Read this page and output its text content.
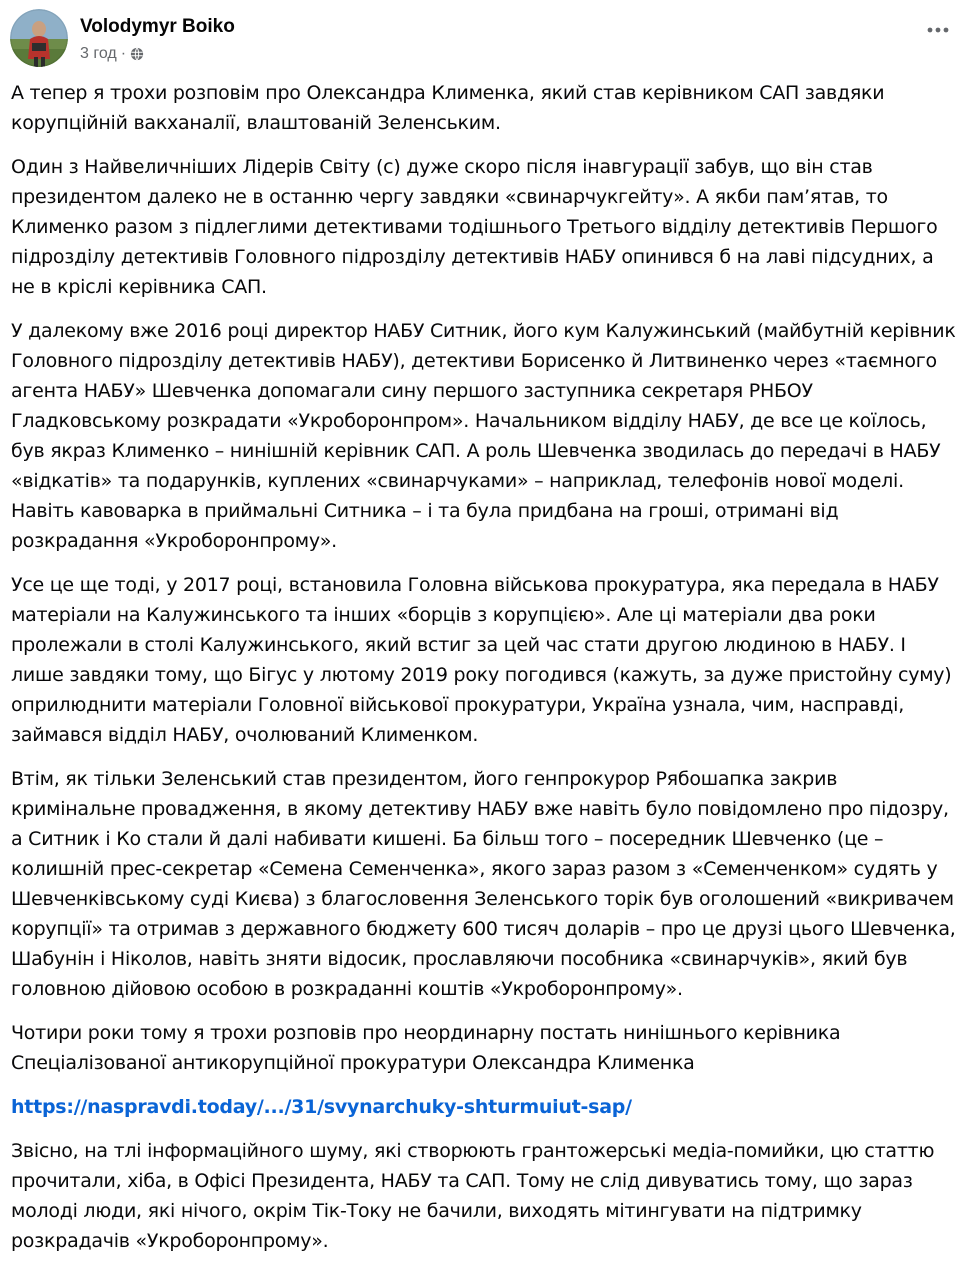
Volodymyr Boiko
3 год ·

А тепер я трохи розповім про Олександра Клименка, який став керівником САП завдяки корупційній вакханалії, влаштованій Зеленським.

Один з Найвеличніших Лідерів Світу (с) дуже скоро після інавгурації забув, що він став президентом далеко не в останню чергу завдяки «свинарчукгейту». А якби пам’ятав, то Клименко разом з підлеглими детективами тодішнього Третього відділу детективів Першого підрозділу детективів Головного підрозділу детективів НАБУ опинився б на лаві підсудних, а не в кріслі керівника САП.

У далекому вже 2016 році директор НАБУ Ситник, його кум Калужинський (майбутній керівник Головного підрозділу детективів НАБУ), детективи Борисенко й Литвиненко через «таємного агента НАБУ» Шевченка допомагали сину першого заступника секретаря РНБОУ Гладковському розкрадати «Укроборонпром». Начальником відділу НАБУ, де все це коїлось, був якраз Клименко – нинішній керівник САП. А роль Шевченка зводилась до передачі в НАБУ «відкатів» та подарунків, куплених «свинарчуками» – наприклад, телефонів нової моделі. Навіть кавоварка в приймальні Ситника – і та була придбана на гроші, отримані від розкрадання «Укроборонпрому».

Усе це ще тоді, у 2017 році, встановила Головна військова прокуратура, яка передала в НАБУ матеріали на Калужинського та інших «борців з корупцією». Але ці матеріали два роки пролежали в столі Калужинського, який встиг за цей час стати другою людиною в НАБУ. І лише завдяки тому, що Бігус у лютому 2019 року погодився (кажуть, за дуже пристойну суму) оприлюднити матеріали Головної військової прокуратури, Україна узнала, чим, насправді, займався відділ НАБУ, очолюваний Клименком.

Втім, як тільки Зеленський став президентом, його генпрокурор Рябошапка закрив кримінальне провадження, в якому детективу НАБУ вже навіть було повідомлено про підозру, а Ситник і Ко стали й далі набивати кишені. Ба більш того – посередник Шевченко (це – колишній прес-секретар «Семена Семенченка», якого зараз разом з «Семенченком» судять у Шевченківському суді Києва) з благословення Зеленського торік був оголошений «викривачем корупції» та отримав з державного бюджету 600 тисяч доларів – про це друзі цього Шевченка, Шабунін і Ніколов, навіть зняти відосик, прославляючи пособника «свинарчуків», який був головною дійовою особою в розкраданні коштів «Укроборонпрому».

Чотири роки тому я трохи розповів про неординарну постать нинішнього керівника Спеціалізованої антикорупційної прокуратури Олександра Клименка

https://naspravdi.today/.../31/svynarchuky-shturmuiut-sap/

Звісно, на тлі інформаційного шуму, які створюють грантожерські медіа-помийки, цю статтю прочитали, хіба, в Офісі Президента, НАБУ та САП. Тому не слід дивуватись тому, що зараз молоді люди, які нічого, окрім Тік-Току не бачили, виходять мітингувати на підтримку розкрадачів «Укроборонпрому».
